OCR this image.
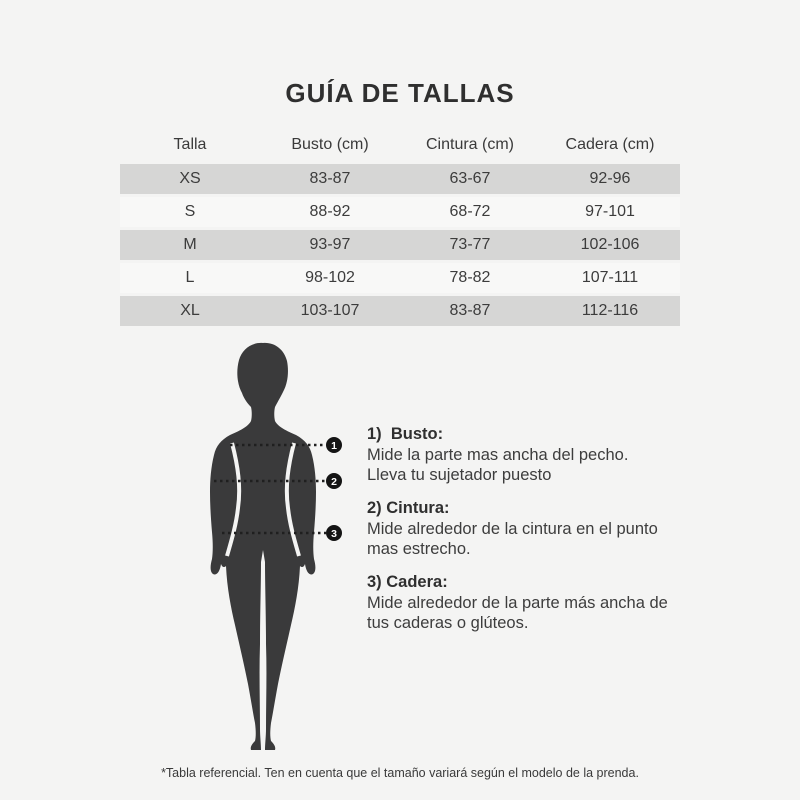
GUÍA DE TALLAS
Talla	Busto (cm)	Cintura (cm)	Cadera (cm)
XS	83-87	63-67	92-96
S	88-92	68-72	97-101
M	93-97	73-77	102-106
L	98-102	78-82	107-111
XL	103-107	83-87	112-116
1
2
3
1)  Busto:
Mide la parte mas ancha del pecho.
Lleva tu sujetador puesto
2) Cintura:
Mide alrededor de la cintura en el punto
mas estrecho.
3) Cadera:
Mide alrededor de la parte más ancha de
tus caderas o glúteos.
*Tabla referencial. Ten en cuenta que el tamaño variará según el modelo de la prenda.
